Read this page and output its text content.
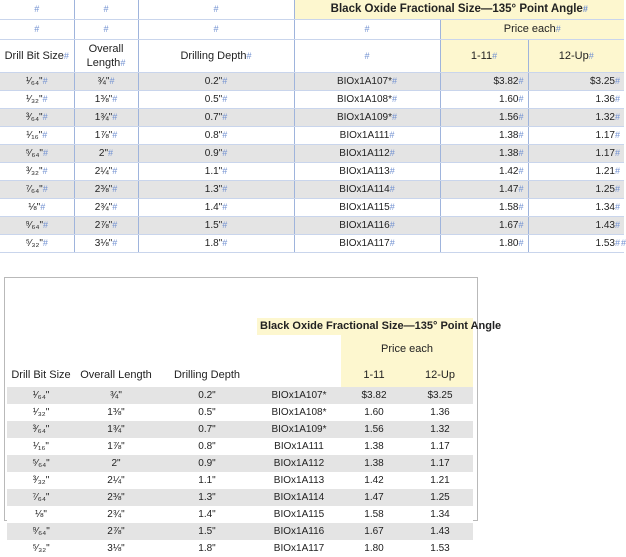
#	#	#	Black Oxide Fractional Size—135° Point Angle#		
#	#	#	#	Price each#	
Drill Bit Size#	Overall Length#	Drilling Depth#	#	1-11#	12-Up#
¹⁄₆₄"#	¾"#	0.2"#	BIOx1A107*#	$3.82#	$3.25#
¹⁄₃₂"#	1⅜"#	0.5"#	BIOx1A108*#	1.60#	1.36#
³⁄₆₄"#	1¾"#	0.7"#	BIOx1A109*#	1.56#	1.32#
¹⁄₁₆"#	1⅞"#	0.8"#	BIOx1A111#	1.38#	1.17#
⁵⁄₆₄"#	2"#	0.9"#	BIOx1A112#	1.38#	1.17#
³⁄₃₂"#	2¼"#	1.1"#	BIOx1A113#	1.42#	1.21#
⁷⁄₆₄"#	2⅜"#	1.3"#	BIOx1A114#	1.47#	1.25#
⅛"#	2¾"#	1.4"#	BIOx1A115#	1.58#	1.34#
⁹⁄₆₄"#	2⅞"#	1.5"#	BIOx1A116#	1.67#	1.43#
⁵⁄₃₂"#	3⅛"#	1.8"#	BIOx1A117#	1.80#	1.53# #

			Black Oxide Fractional Size—135° Point Angle		
				Price each	
Drill Bit Size	Overall Length	Drilling Depth		1-11	12-Up
¹⁄₆₄"	¾"	0.2"	BIOx1A107*	$3.82	$3.25
¹⁄₃₂"	1⅜"	0.5"	BIOx1A108*	1.60	1.36
³⁄₆₄"	1¾"	0.7"	BIOx1A109*	1.56	1.32
¹⁄₁₆"	1⅞"	0.8"	BIOx1A111	1.38	1.17
⁵⁄₆₄"	2"	0.9"	BIOx1A112	1.38	1.17
³⁄₃₂"	2¼"	1.1"	BIOx1A113	1.42	1.21
⁷⁄₆₄"	2⅜"	1.3"	BIOx1A114	1.47	1.25
⅛"	2¾"	1.4"	BIOx1A115	1.58	1.34
⁹⁄₆₄"	2⅞"	1.5"	BIOx1A116	1.67	1.43
⁵⁄₃₂"	3⅛"	1.8"	BIOx1A117	1.80	1.53
